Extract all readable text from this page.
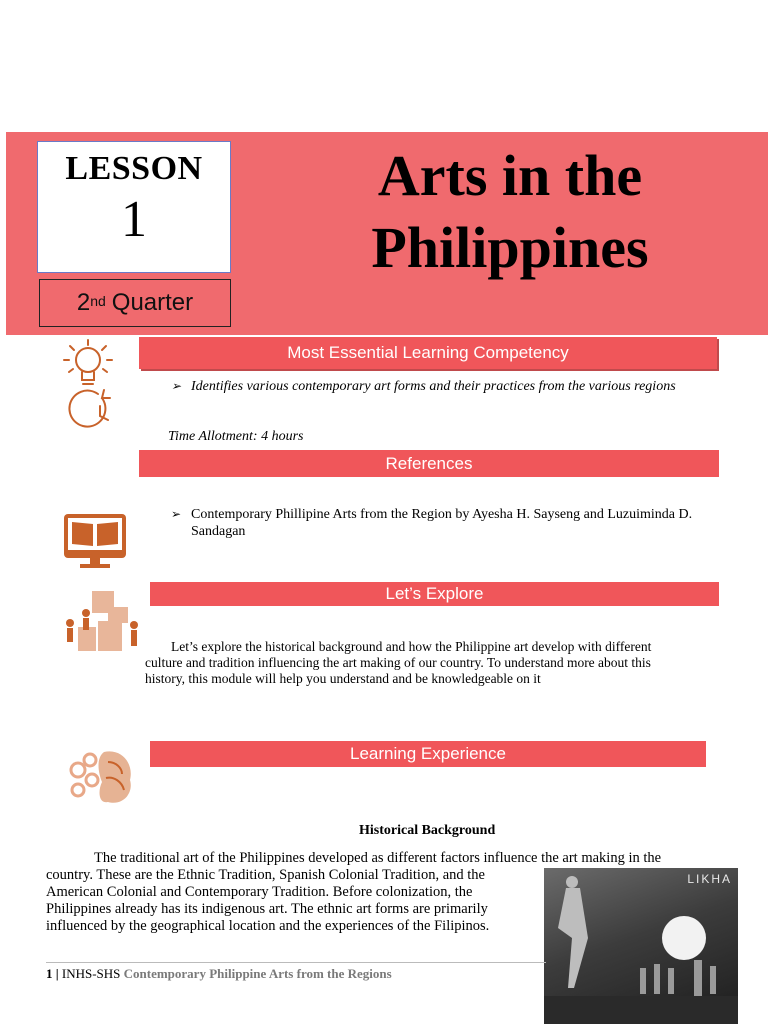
LESSON
1
2nd Quarter
Arts in the
Philippines
Most Essential Learning Competency
➢ Identifies various contemporary art forms and their practices from the various regions
Time Allotment: 4 hours
References
➢ Contemporary Phillipine Arts from the Region by Ayesha H. Sayseng and Luzuiminda D. Sandagan
Let’s Explore
Let’s explore the historical background and how the Philippine art develop with different
culture and tradition influencing the art making of our country. To understand more about this
history, this module will help you understand and be knowledgeable on it
Learning Experience
Historical Background
The traditional art of the Philippines developed as different factors influence the art making in the
country. These are the Ethnic Tradition, Spanish Colonial Tradition, and the
American Colonial and Contemporary Tradition. Before colonization, the
Philippines already has its indigenous art. The ethnic art forms are primarily
influenced by the geographical location and the experiences of the Filipinos.
LIKHA
1 | INHS-SHS Contemporary Philippine Arts from the Regions
